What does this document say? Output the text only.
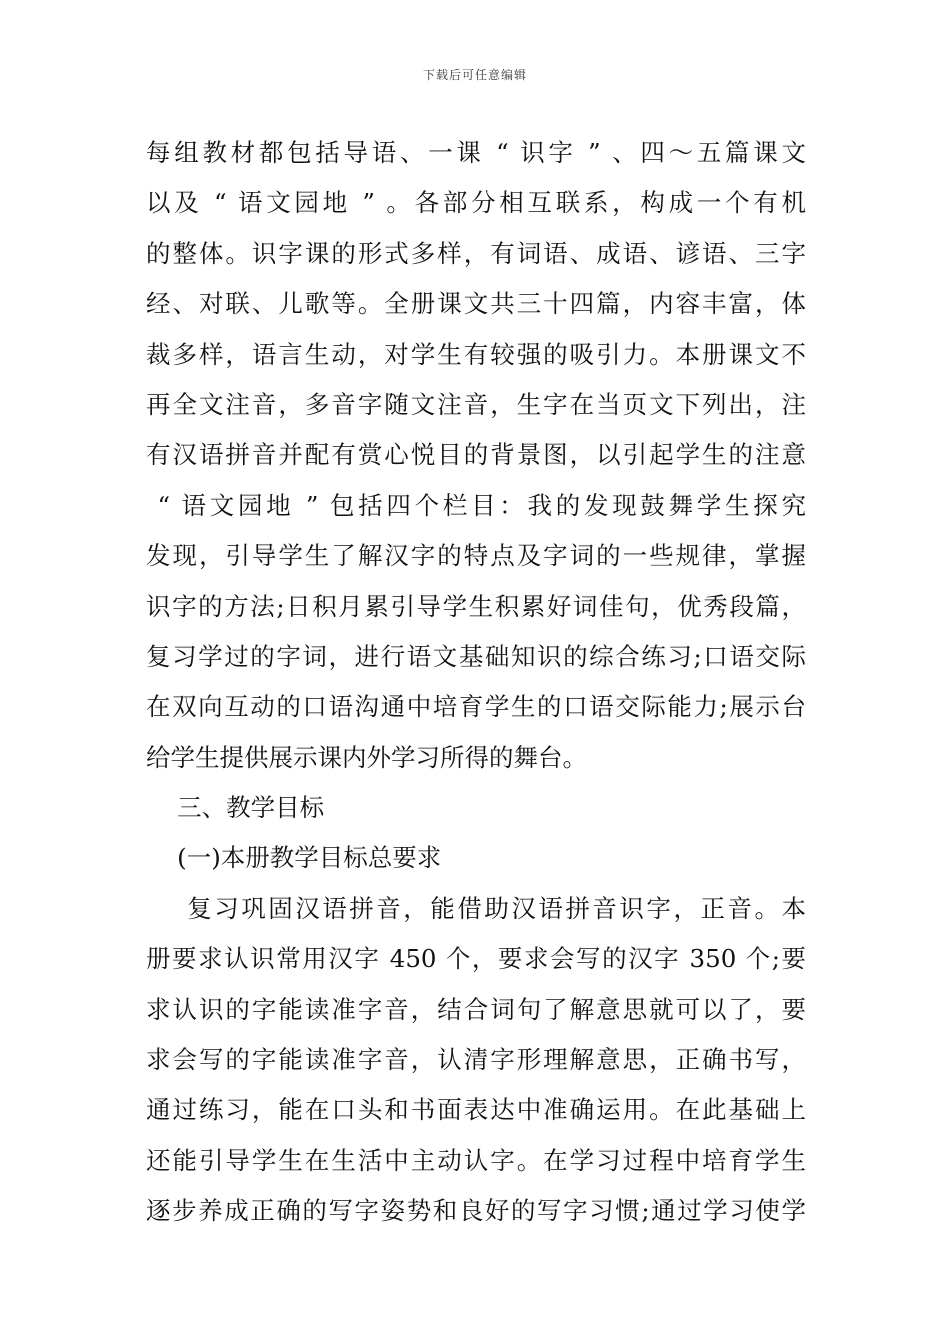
下载后可任意编辑
每组教材都包括导语、一课 “ 识字 ” 、四～五篇课文
以及 “ 语文园地 ” 。各部分相互联系，构成一个有机
的整体。识字课的形式多样，有词语、成语、谚语、三字
经、对联、儿歌等。全册课文共三十四篇，内容丰富，体
裁多样，语言生动，对学生有较强的吸引力。本册课文不
再全文注音，多音字随文注音，生字在当页文下列出，注
有汉语拼音并配有赏心悦目的背景图，以引起学生的注意
“ 语文园地 ” 包括四个栏目：我的发现鼓舞学生探究
发现，引导学生了解汉字的特点及字词的一些规律，掌握
识字的方法;日积月累引导学生积累好词佳句，优秀段篇，
复习学过的字词，进行语文基础知识的综合练习;口语交际
在双向互动的口语沟通中培育学生的口语交际能力;展示台
给学生提供展示课内外学习所得的舞台。
三、教学目标
(一)本册教学目标总要求
复习巩固汉语拼音，能借助汉语拼音识字，正音。本
册要求认识常用汉字 450 个，要求会写的汉字 350 个;要
求认识的字能读准字音，结合词句了解意思就可以了，要
求会写的字能读准字音，认清字形理解意思，正确书写，
通过练习，能在口头和书面表达中准确运用。在此基础上
还能引导学生在生活中主动认字。在学习过程中培育学生
逐步养成正确的写字姿势和良好的写字习惯;通过学习使学
